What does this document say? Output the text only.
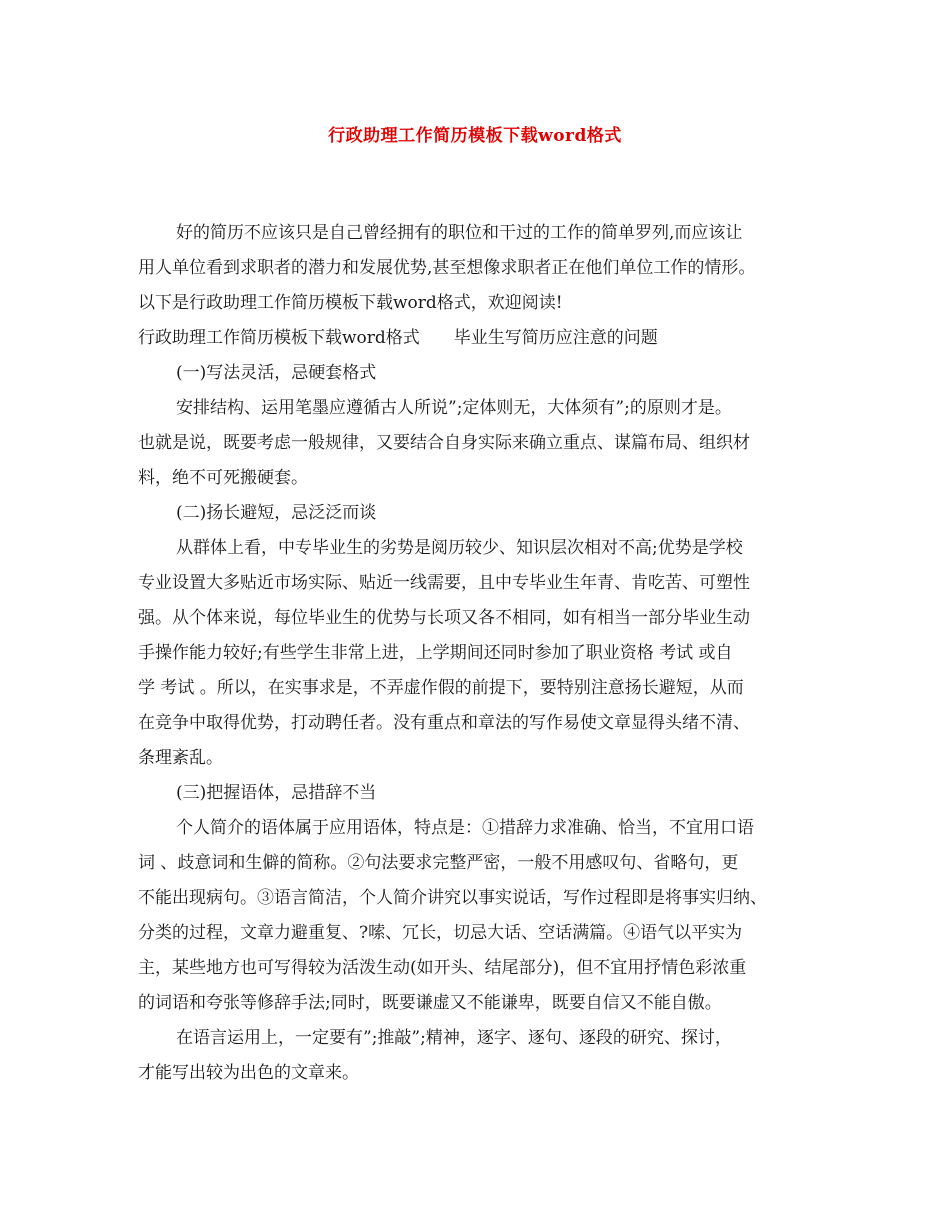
行政助理工作简历模板下载word格式
好的简历不应该只是自己曾经拥有的职位和干过的工作的简单罗列,而应该让
用人单位看到求职者的潜力和发展优势,甚至想像求职者正在他们单位工作的情形。
以下是行政助理工作简历模板下载word格式，欢迎阅读!
行政助理工作简历模板下载word格式　　毕业生写简历应注意的问题
(一)写法灵活，忌硬套格式
安排结构、运用笔墨应遵循古人所说”;定体则无，大体须有”;的原则才是。
也就是说，既要考虑一般规律，又要结合自身实际来确立重点、谋篇布局、组织材
料，绝不可死搬硬套。
(二)扬长避短，忌泛泛而谈
从群体上看，中专毕业生的劣势是阅历较少、知识层次相对不高;优势是学校
专业设置大多贴近市场实际、贴近一线需要，且中专毕业生年青、肯吃苦、可塑性
强。从个体来说，每位毕业生的优势与长项又各不相同，如有相当一部分毕业生动
手操作能力较好;有些学生非常上进，上学期间还同时参加了职业资格 考试 或自
学 考试 。所以，在实事求是，不弄虚作假的前提下，要特别注意扬长避短，从而
在竞争中取得优势，打动聘任者。没有重点和章法的写作易使文章显得头绪不清、
条理紊乱。
(三)把握语体，忌措辞不当
个人简介的语体属于应用语体，特点是：①措辞力求准确、恰当，不宜用口语
词 、歧意词和生僻的简称。②句法要求完整严密，一般不用感叹句、省略句，更
不能出现病句。③语言简洁，个人简介讲究以事实说话，写作过程即是将事实归纳、
分类的过程，文章力避重复、?嗦、冗长，切忌大话、空话满篇。④语气以平实为
主，某些地方也可写得较为活泼生动(如开头、结尾部分)，但不宜用抒情色彩浓重
的词语和夸张等修辞手法;同时，既要谦虚又不能谦卑，既要自信又不能自傲。
在语言运用上，一定要有”;推敲”;精神，逐字、逐句、逐段的研究、探讨，
才能写出较为出色的文章来。
